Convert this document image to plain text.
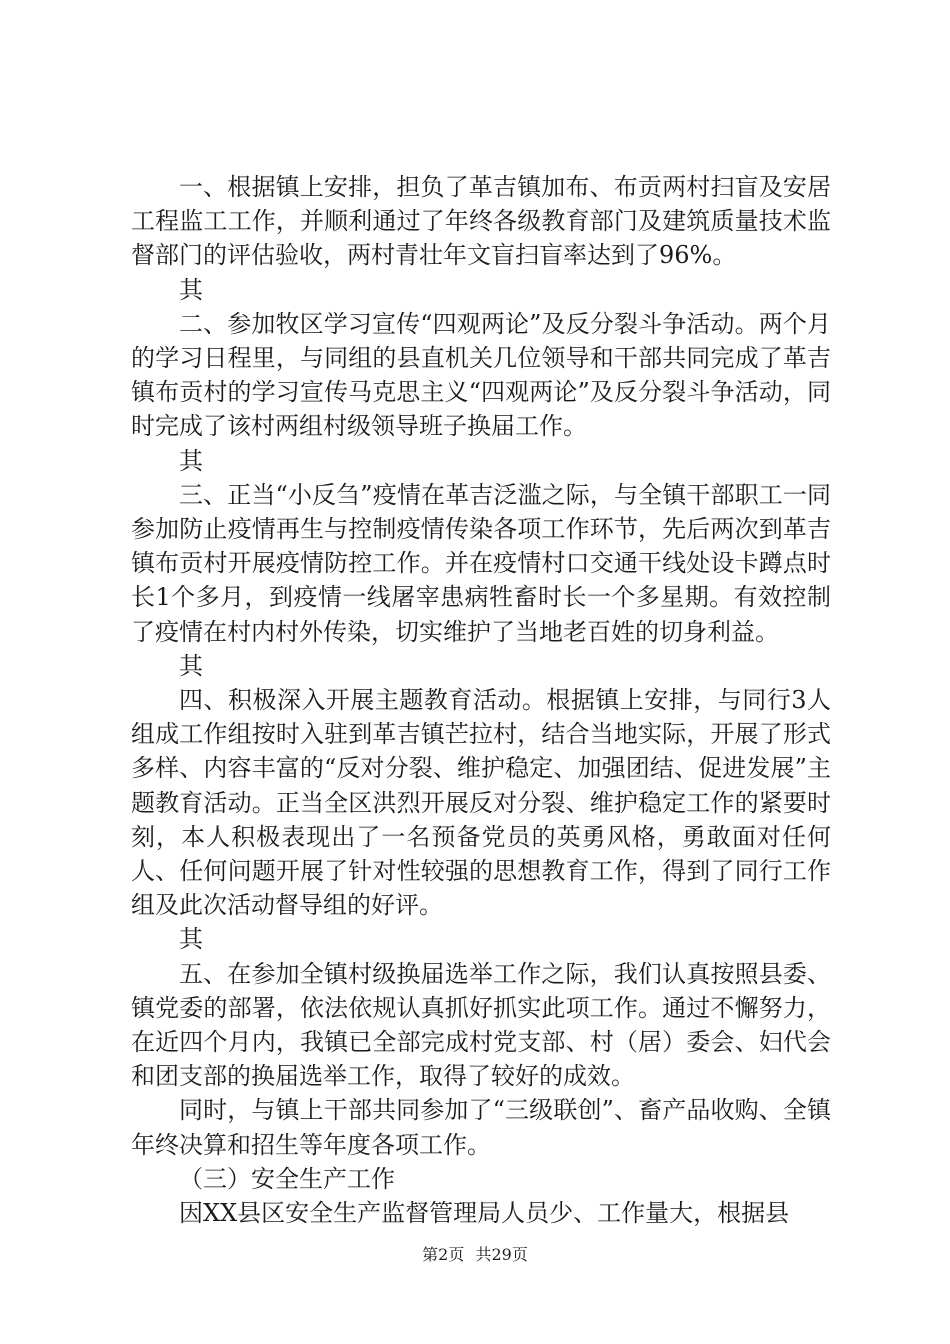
一、根据镇上安排，担负了革吉镇加布、布贡两村扫盲及安居工程监工工作，并顺利通过了年终各级教育部门及建筑质量技术监督部门的评估验收，两村青壮年文盲扫盲率达到了96%。

其

二、参加牧区学习宣传“四观两论”及反分裂斗争活动。两个月的学习日程里，与同组的县直机关几位领导和干部共同完成了革吉镇布贡村的学习宣传马克思主义“四观两论”及反分裂斗争活动，同时完成了该村两组村级领导班子换届工作。

其

三、正当“小反刍”疫情在革吉泛滥之际，与全镇干部职工一同参加防止疫情再生与控制疫情传染各项工作环节，先后两次到革吉镇布贡村开展疫情防控工作。并在疫情村口交通干线处设卡蹲点时长1个多月，到疫情一线屠宰患病牲畜时长一个多星期。有效控制了疫情在村内村外传染，切实维护了当地老百姓的切身利益。

其

四、积极深入开展主题教育活动。根据镇上安排，与同行3人组成工作组按时入驻到革吉镇芒拉村，结合当地实际，开展了形式多样、内容丰富的“反对分裂、维护稳定、加强团结、促进发展”主题教育活动。正当全区洪烈开展反对分裂、维护稳定工作的紧要时刻，本人积极表现出了一名预备党员的英勇风格，勇敢面对任何人、任何问题开展了针对性较强的思想教育工作，得到了同行工作组及此次活动督导组的好评。

其

五、在参加全镇村级换届选举工作之际，我们认真按照县委、镇党委的部署，依法依规认真抓好抓实此项工作。通过不懈努力，在近四个月内，我镇已全部完成村党支部、村（居）委会、妇代会和团支部的换届选举工作，取得了较好的成效。

同时，与镇上干部共同参加了“三级联创”、畜产品收购、全镇年终决算和招生等年度各项工作。

（三）安全生产工作

因XX县区安全生产监督管理局人员少、工作量大，根据县

第2页 共29页
